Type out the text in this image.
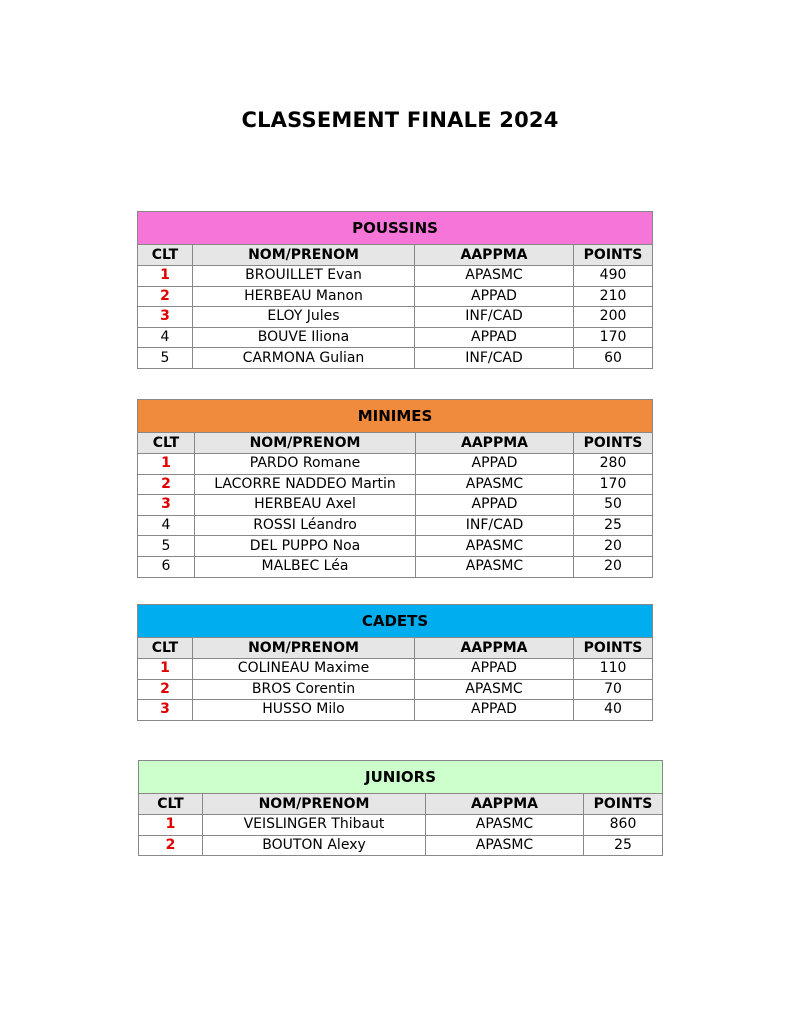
CLASSEMENT FINALE 2024
POUSSINS			
CLT	NOM/PRENOM	AAPPMA	POINTS
1	BROUILLET Evan	APASMC	490
2	HERBEAU Manon	APPAD	210
3	ELOY Jules	INF/CAD	200
4	BOUVE Iliona	APPAD	170
5	CARMONA Gulian	INF/CAD	60
MINIMES			
CLT	NOM/PRENOM	AAPPMA	POINTS
1	PARDO Romane	APPAD	280
2	LACORRE NADDEO Martin	APASMC	170
3	HERBEAU Axel	APPAD	50
4	ROSSI Léandro	INF/CAD	25
5	DEL PUPPO Noa	APASMC	20
6	MALBEC Léa	APASMC	20
CADETS			
CLT	NOM/PRENOM	AAPPMA	POINTS
1	COLINEAU Maxime	APPAD	110
2	BROS Corentin	APASMC	70
3	HUSSO Milo	APPAD	40
JUNIORS			
CLT	NOM/PRENOM	AAPPMA	POINTS
1	VEISLINGER Thibaut	APASMC	860
2	BOUTON Alexy	APASMC	25
